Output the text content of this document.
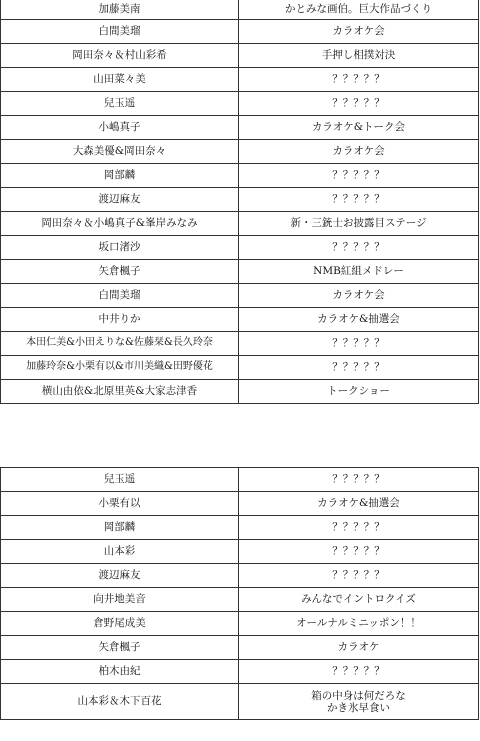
加藤美南	かとみな画伯。巨大作品づくり
白間美瑠	カラオケ会
岡田奈々＆村山彩希	手押し相撲対決
山田菜々美	？？？？？
兒玉遥	？？？？？
小嶋真子	カラオケ&トーク会
大森美優&岡田奈々	カラオケ会
岡部麟	？？？？？
渡辺麻友	？？？？？
岡田奈々＆小嶋真子&峯岸みなみ	新・三銃士お披露目ステージ
坂口渚沙	？？？？？
矢倉楓子	NMB紅組メドレー
白間美瑠	カラオケ会
中井りか	カラオケ&抽選会
本田仁美&小田えりな&佐藤栞&長久玲奈	？？？？？
加藤玲奈&小栗有以&市川美織&田野優花	？？？？？
横山由依&北原里英&大家志津香	トークショー
兒玉遥	？？？？？
小栗有以	カラオケ&抽選会
岡部麟	？？？？？
山本彩	？？？？？
渡辺麻友	？？？？？
向井地美音	みんなでイントロクイズ
倉野尾成美	オールナルミニッポン！！
矢倉楓子	カラオケ
柏木由紀	？？？？？
山本彩＆木下百花	箱の中身は何だろな
かき氷早食い
